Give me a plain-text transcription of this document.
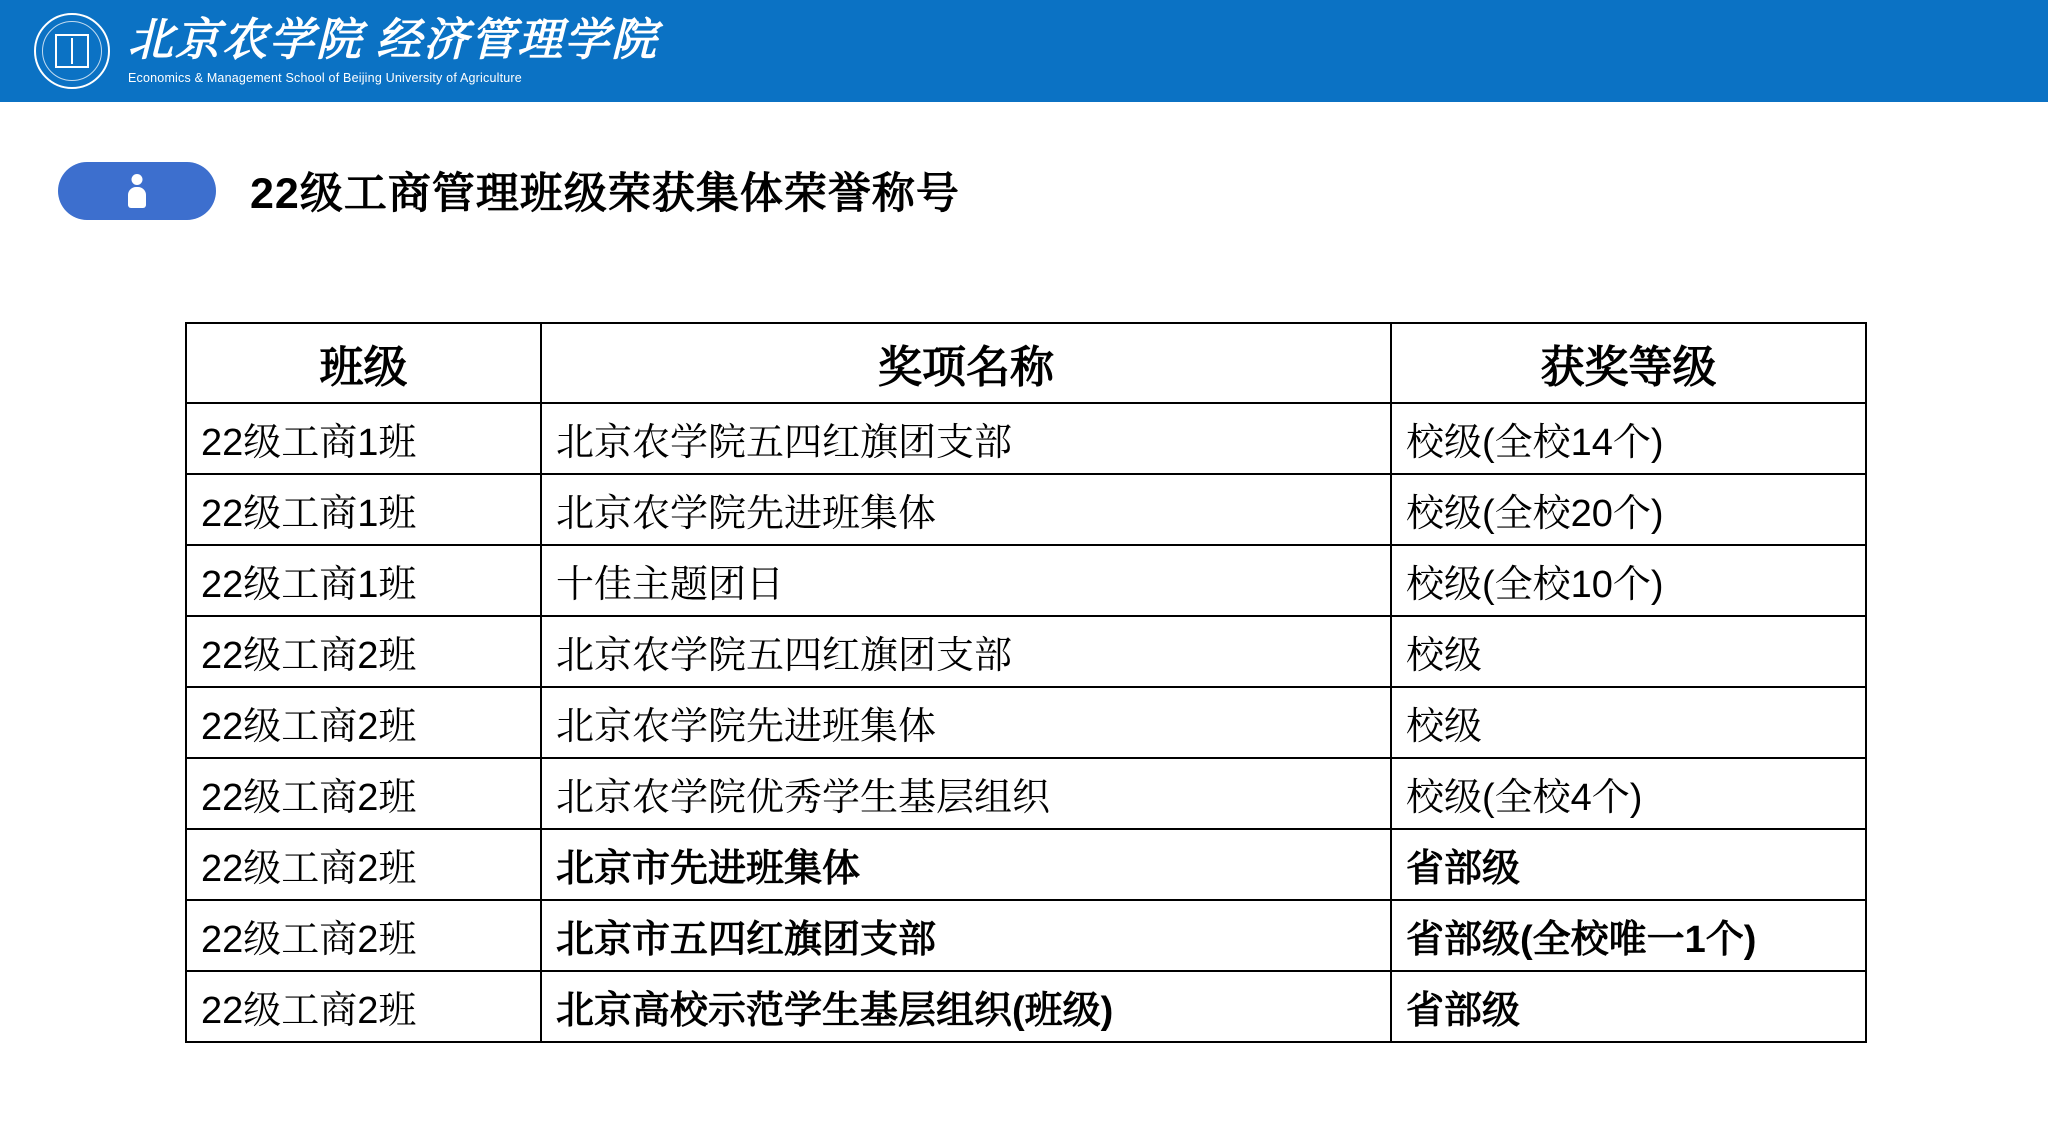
北京农学院 经济管理学院
Economics & Management School of Beijing University of Agriculture
22级工商管理班级荣获集体荣誉称号
班级	奖项名称	获奖等级
22级工商1班	北京农学院五四红旗团支部	校级(全校14个)
22级工商1班	北京农学院先进班集体	校级(全校20个)
22级工商1班	十佳主题团日	校级(全校10个)
22级工商2班	北京农学院五四红旗团支部	校级
22级工商2班	北京农学院先进班集体	校级
22级工商2班	北京农学院优秀学生基层组织	校级(全校4个)
22级工商2班	北京市先进班集体	省部级
22级工商2班	北京市五四红旗团支部	省部级(全校唯一1个)
22级工商2班	北京高校示范学生基层组织(班级)	省部级
